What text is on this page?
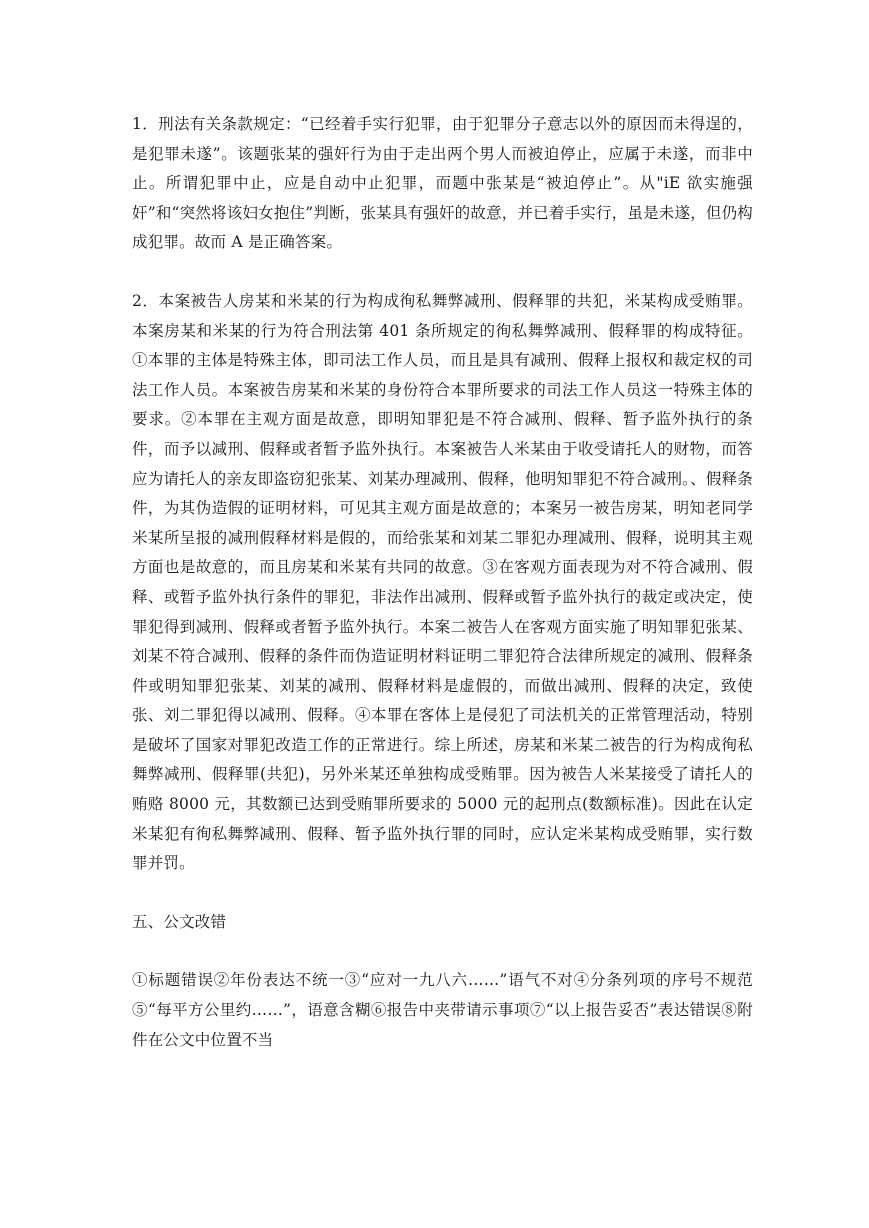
1．刑法有关条款规定：“已经着手实行犯罪，由于犯罪分子意志以外的原因而未得逞的，是犯罪未遂”。该题张某的强奸行为由于走出两个男人而被迫停止，应属于未遂，而非中止。所谓犯罪中止，应是自动中止犯罪，而题中张某是“被迫停止”。从"iE 欲实施强奸”和“突然将该妇女抱住”判断，张某具有强奸的故意，并已着手实行，虽是未遂，但仍构成犯罪。故而 A 是正确答案。

2．本案被告人房某和米某的行为构成徇私舞弊减刑、假释罪的共犯，米某构成受贿罪。本案房某和米某的行为符合刑法第 401 条所规定的徇私舞弊减刑、假释罪的构成特征。①本罪的主体是特殊主体，即司法工作人员，而且是具有减刑、假释上报权和裁定权的司法工作人员。本案被告房某和米某的身份符合本罪所要求的司法工作人员这一特殊主体的要求。②本罪在主观方面是故意，即明知罪犯是不符合减刑、假释、暂予监外执行的条件，而予以减刑、假释或者暂予监外执行。本案被告人米某由于收受请托人的财物，而答应为请托人的亲友即盗窃犯张某、刘某办理减刑、假释，他明知罪犯不符合减刑。、假释条件，为其伪造假的证明材料，可见其主观方面是故意的；本案另一被告房某，明知老同学米某所呈报的减刑假释材料是假的，而给张某和刘某二罪犯办理减刑、假释，说明其主观方面也是故意的，而且房某和米某有共同的故意。③在客观方面表现为对不符合减刑、假释、或暂予监外执行条件的罪犯，非法作出减刑、假释或暂予监外执行的裁定或决定，使罪犯得到减刑、假释或者暂予监外执行。本案二被告人在客观方面实施了明知罪犯张某、刘某不符合减刑、假释的条件而伪造证明材料证明二罪犯符合法律所规定的减刑、假释条件或明知罪犯张某、刘某的减刑、假释材料是虚假的，而做出减刑、假释的决定，致使张、刘二罪犯得以减刑、假释。④本罪在客体上是侵犯了司法机关的正常管理活动，特别是破坏了国家对罪犯改造工作的正常进行。综上所述，房某和米某二被告的行为构成徇私舞弊减刑、假释罪(共犯)，另外米某还单独构成受贿罪。因为被告人米某接受了请托人的贿赂 8000 元，其数额已达到受贿罪所要求的 5000 元的起刑点(数额标准)。因此在认定米某犯有徇私舞弊减刑、假释、暂予监外执行罪的同时，应认定米某构成受贿罪，实行数罪并罚。

五、公文改错

①标题错误②年份表达不统一③“应对一九八六……”语气不对④分条列项的序号不规范⑤“每平方公里约……”，语意含糊⑥报告中夹带请示事项⑦“以上报告妥否”表达错误⑧附件在公文中位置不当
